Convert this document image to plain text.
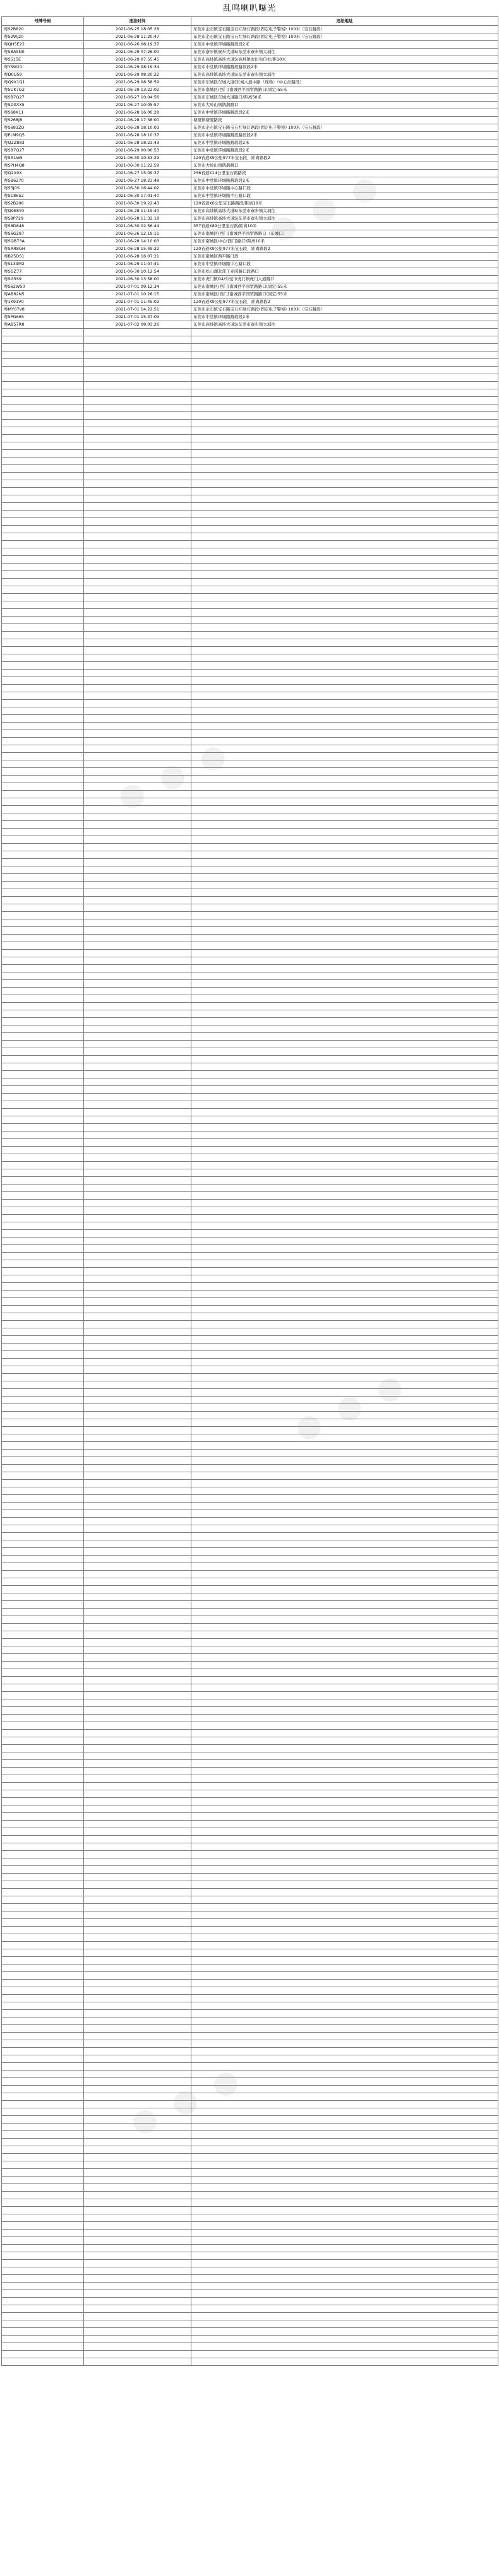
乱鸣喇叭曝光
号牌号码	违法时间	违法地址
粤S2B820	2021-06-25 18:05:28	东莞市企石镇宝石路宝石红绿灯路段(固定电子警察) 100米（宝石路段）
粤S2WJ20	2021-06-28 11:20:47	东莞市企石镇宝石路宝石红绿灯路段(固定电子警察) 100米（宝石路段）
粤QH5E22	2021-06-26 08:19:37	东莞市中堂镇环城路路段段2米
粤SBA5N0	2021-06-29 07:26:00	东莞市寮步镇寮步大道S/东莞市寮步镇大埔往
粤S515E	2021-06-29 07:55:45	东莞市高埗镇高埗大道S/高埗镇农田电信处/距10米
粤Y5W21	2021-06-29 08:19:34	东莞市中堂镇环城路路段路段段2米
粤D0U58	2021-06-29 08:20:22	东莞市高埗镇高埗大道S/东莞市寮步镇大埔往
粤Q9X1Q1	2021-06-29 08:58:59	东莞市东城区东城大道(东城大道中路（现场）（中心站路段）
粤SUK7G2	2021-06-29 13:22:02	东莞市南城区(西门)南城西平国贸路路口(固定)55米
粤SB7Q27	2021-06-27 10:04:56	东莞市东城区东城大道路口/距离50米
粤SD0XX5	2021-06-27 10:05:57	东莞市大岭山镇鹊鹊路口
粤S68X11	2021-06-28 16:00:28	东莞市中堂镇环城路路段段2米
粤S268J8	2021-06-28 17:38:00	塘厦镇塘厦路段
粤S683ZU	2021-06-28 18:10:03	东莞市企石镇宝石路宝石红绿灯路段(固定电子警察) 100米（宝石路段）
粤PLM9Q5	2021-06-28 18:10:37	东莞市中堂镇环城路路段路段段2米
粤Q2Z883	2021-06-28 18:23:43	东莞市中堂镇环城路路段段2米
粤SB7Q27	2021-06-29 00:00:53	东莞市中堂镇环城路路段段2米
粤SA1W5	2021-06-30 10:53:29	120省道K9公里977米宝石段，距离路段2
粤SPH4Q8	2021-06-30 11:22:59	东莞市大岭山镇鹊鹊路口
粤Q2X0X	2021-06-27 15:09:37	256省道K14公里宝石路路段
粤SB6270	2021-06-27 18:23:48	东莞市中堂镇环城路路段段2米
粤S5J0S	2021-06-30 16:44:02	东莞市中堂镇环城路中心路口段
粤SC8652	2021-06-30 17:01:40	东莞市中堂镇环城路中心路口段
粤S2B206	2021-06-30 19:22:43	120省道K6公里宝石路路段/距离10米
粤Q9E8Y0	2021-06-28 11:19:40	东莞市高埗镇高埗大道S/东莞市寮步镇大埔往
粤S9P729	2021-06-28 11:32:18	东莞市高埗镇高埗大道S/东莞市寮步镇大埔往
粤S8D848	2021-06-30 02:56:44	357省道K89公里宝石路/距离10米
粤S6G297	2021-06-26 12:19:11	东莞市南城区(西门)南城西平国贸路路口（东城口）
粤SQB73A	2021-06-28 14:10:03	东莞市南城区中心(西门)路口/距离10米
粤SAR8GH	2021-06-28 15:49:32	120省道K9公里977米宝石段，距离路段2
粤B25DS1	2021-06-28 16:07:21	东莞市南城区西平路口段
粤S139M2	2021-06-29 11:07:41	东莞市中堂镇环城路中心路口段
粤SGZ77	2021-06-30 10:12:54	东莞市松山湖北部工业园路口段路口
粤SG5S9	2021-06-30 13:58:00	东莞市虎门镇G4/东莞市虎门镇虎门大道路口
粤S62W50	2021-07-01 09:12:34	东莞市南城区(西门)南城西平国贸路路口(固定)55米
粤AB62N5	2021-07-01 10:28:15	东莞市南城区(西门)南城西平国贸路路口(固定)55米
粤1K91V0	2021-07-01 11:45:02	120省道K9公里977米宝石段，距离路段2
粤MY07V8	2021-07-01 14:22:51	东莞市企石镇宝石路宝石红绿灯路段(固定电子警察) 100米（宝石路段）
粤SPG665	2021-07-01 15:37:09	东莞市中堂镇环城路路段段2米
粤AB57R8	2021-07-02 08:03:26	东莞市高埗镇高埗大道S/东莞市寮步镇大埔往

● ● ●
● ● ●
● ● ●
● ● ●
